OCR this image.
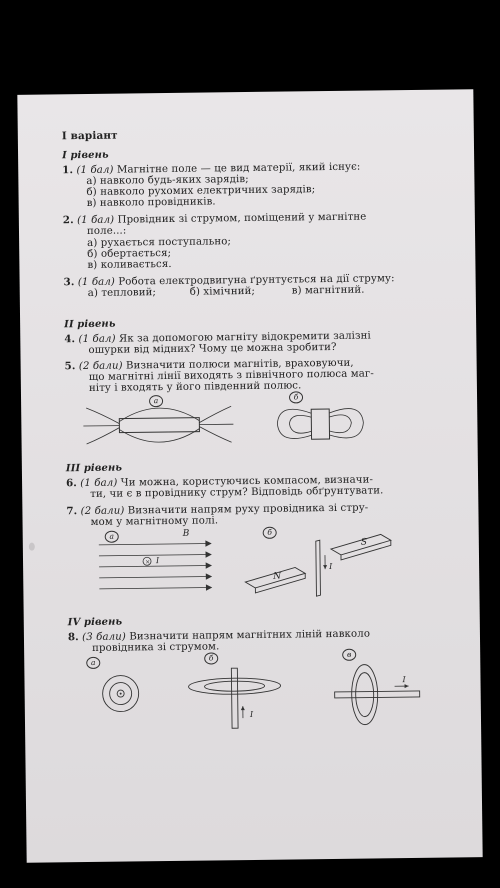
І варіант
І рівень
1. (1 бал) Магнітне поле — це вид матерії, який існує:
а) навколо будь-яких зарядів;
б) навколо рухомих електричних зарядів;
в) навколо провідників.
2. (1 бал) Провідник зі струмом, поміщений у магнітне
поле...:
а) рухається поступально;
б) обертається;
в) коливається.
3. (1 бал) Робота електродвигуна ґрунтується на дії струму:
а) тепловий;	б) хімічний;	в) магнітний.
ІІ рівень
4. (1 бал) Як за допомогою магніту відокремити залізні
ошурки від мідних? Чому це можна зробити?
5. (2 бали) Визначити полюси магнітів, враховуючи,
що магнітні лінії виходять з північного полюса маг-
ніту і входять у його південний полюс.
а	б
ІІІ рівень
6. (1 бал) Чи можна, користуючись компасом, визначи-
ти, чи є в провіднику струм? Відповідь обґрунтувати.
7. (2 бали) Визначити напрям руху провідника зі стру-
мом у магнітному полі.
а	B	б
× I
S
N
I
IV рівень
8. (3 бали) Визначити напрям магнітних ліній навколо
провідника зі струмом.
а	б	в
I
I
